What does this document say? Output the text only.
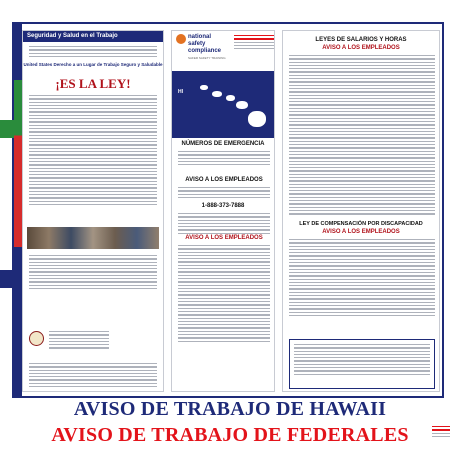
Seguridad y Salud en el Trabajo
United States Derecho a un Lugar de Trabajo Seguro y Saludable
¡ES LA LEY!
national safety compliance
SAFER SAFETY TRAINING
HI
NÚMEROS DE EMERGENCIA
AVISO A LOS EMPLEADOS
1-888-373-7888
AVISO A LOS EMPLEADOS
LEYES DE SALARIOS Y HORAS
AVISO A LOS EMPLEADOS
LEY DE COMPENSACIÓN POR DISCAPACIDAD
AVISO A LOS EMPLEADOS
AVISO DE TRABAJO DE HAWAII
AVISO DE TRABAJO DE FEDERALES
